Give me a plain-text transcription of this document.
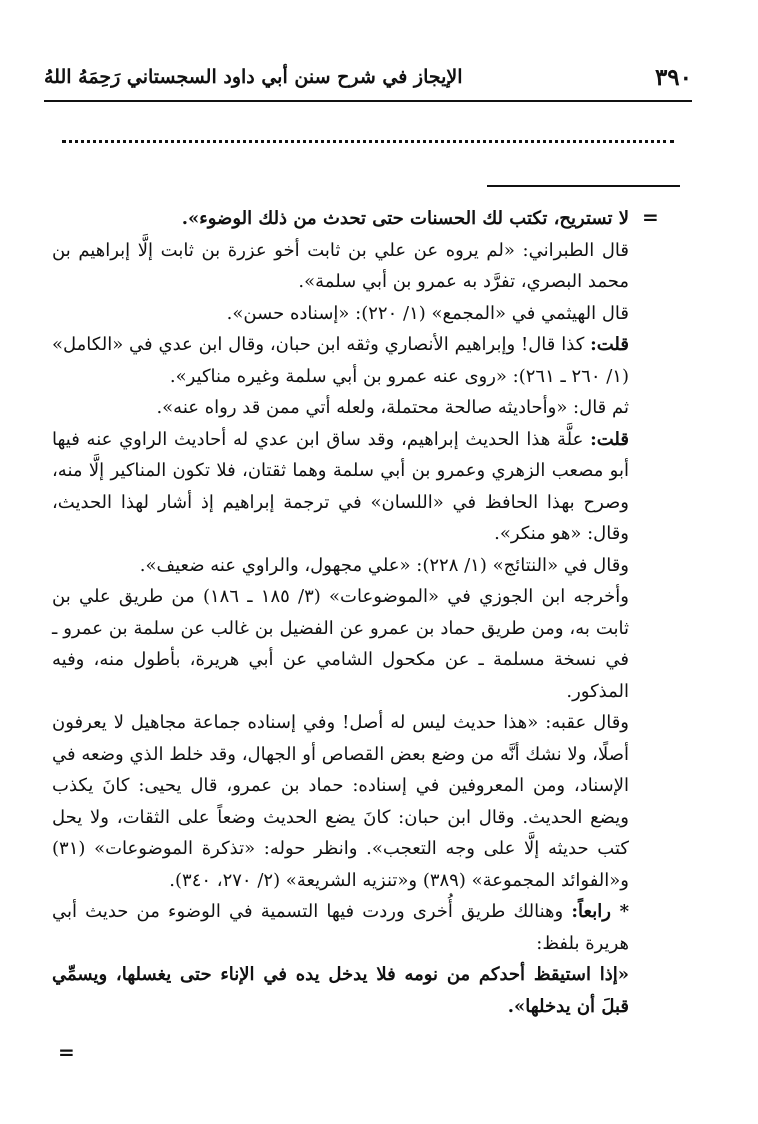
٣٩٠
الإيجاز في شرح سنن أبي داود السجستاني رَحِمَهُ اللهُ
=

لا تستريح، تكتب لك الحسنات حتى تحدث من ذلك الوضوء».

قال الطبراني: «لم يروه عن علي بن ثابت أخو عزرة بن ثابت إلَّا إبراهيم بن محمد البصري، تفرَّد به عمرو بن أبي سلمة».

قال الهيثمي في «المجمع» (١/ ٢٢٠): «إسناده حسن».

قلت: كذا قال! وإبراهيم الأنصاري وثقه ابن حبان، وقال ابن عدي في «الكامل» (١/ ٢٦٠ ـ ٢٦١): «روى عنه عمرو بن أبي سلمة وغيره مناكير».

ثم قال: «وأحاديثه صالحة محتملة، ولعله أتي ممن قد رواه عنه».

قلت: علَّة هذا الحديث إبراهيم، وقد ساق ابن عدي له أحاديث الراوي عنه فيها أبو مصعب الزهري وعمرو بن أبي سلمة وهما ثقتان، فلا تكون المناكير إلَّا منه، وصرح بهذا الحافظ في «اللسان» في ترجمة إبراهيم إذ أشار لهذا الحديث، وقال: «هو منكر».

وقال في «النتائج» (١/ ٢٢٨): «علي مجهول، والراوي عنه ضعيف».

وأخرجه ابن الجوزي في «الموضوعات» (٣/ ١٨٥ ـ ١٨٦) من طريق علي بن ثابت به، ومن طريق حماد بن عمرو عن الفضيل بن غالب عن سلمة بن عمرو ـ في نسخة مسلمة ـ عن مكحول الشامي عن أبي هريرة، بأطول منه، وفيه المذكور.

وقال عقبه: «هذا حديث ليس له أصل! وفي إسناده جماعة مجاهيل لا يعرفون أصلًا، ولا نشك أنَّه من وضع بعض القصاص أو الجهال، وقد خلط الذي وضعه في الإسناد، ومن المعروفين في إسناده: حماد بن عمرو، قال يحيى: كانَ يكذب ويضع الحديث. وقال ابن حبان: كانَ يضع الحديث وضعاً على الثقات، ولا يحل كتب حديثه إلَّا على وجه التعجب». وانظر حوله: «تذكرة الموضوعات» (٣١) و«الفوائد المجموعة» (٣٨٩) و«تنزيه الشريعة» (٢/ ٢٧٠، ٣٤٠).

* رابعاً: وهنالك طريق أُخرى وردت فيها التسمية في الوضوء من حديث أبي هريرة بلفظ:

«إذا استيقظ أحدكم من نومه فلا يدخل يده في الإناء حتى يغسلها، ويسمِّي قبلَ أن يدخلها».

=
